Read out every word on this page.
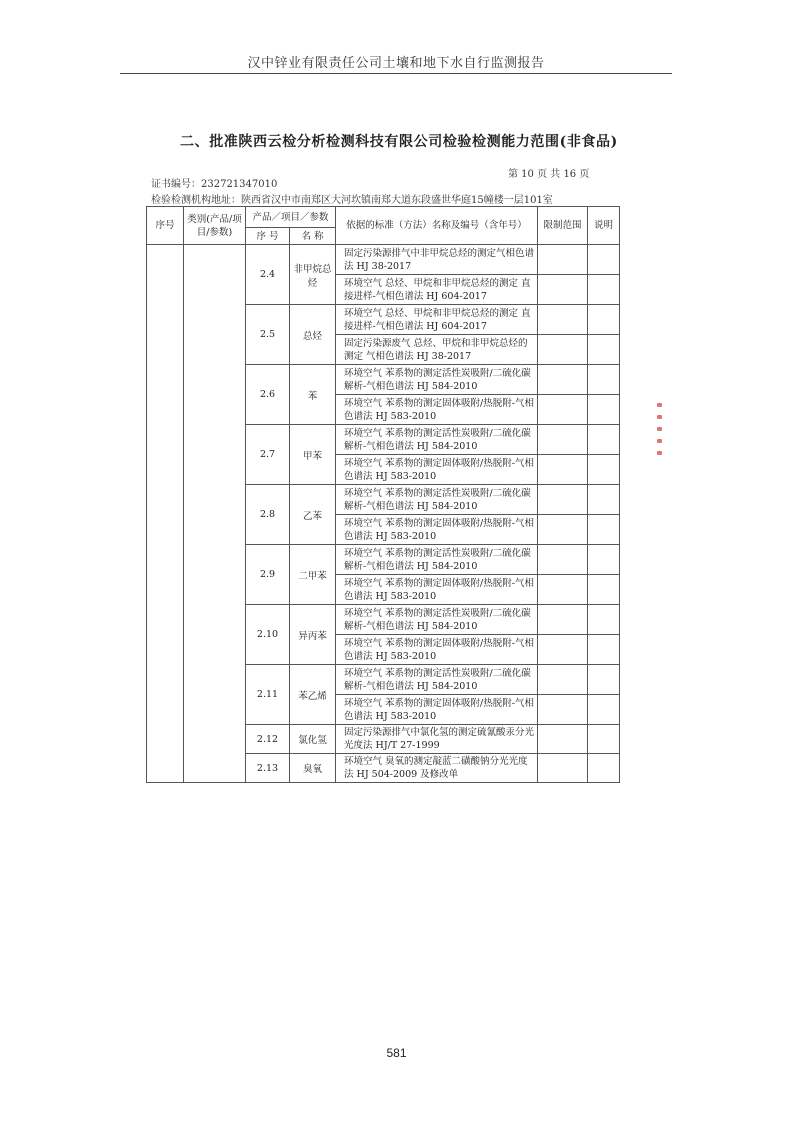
汉中锌业有限责任公司土壤和地下水自行监测报告
二、批准陕西云检分析检测科技有限公司检验检测能力范围(非食品)
第 10 页 共 16 页
证书编号：232721347010
检验检测机构地址：陕西省汉中市南郑区大河坎镇南郑大道东段盛世华庭15幢楼一层101室
序号	类别(产品/项目/参数)	产品／项目／参数		依据的标准（方法）名称及编号（含年号）	限制范围	说明
		序 号	名 称			
		2.4	非甲烷总烃	固定污染源排气中非甲烷总烃的测定气相色谱法 HJ 38-2017		
				环境空气 总烃、甲烷和非甲烷总烃的测定 直接进样-气相色谱法 HJ 604-2017		
		2.5	总烃	环境空气 总烃、甲烷和非甲烷总烃的测定 直接进样-气相色谱法 HJ 604-2017		
				固定污染源废气 总烃、甲烷和非甲烷总烃的测定 气相色谱法 HJ 38-2017		
		2.6	苯	环境空气 苯系物的测定活性炭吸附/二硫化碳解析-气相色谱法 HJ 584-2010		
				环境空气 苯系物的测定固体吸附/热脱附-气相色谱法 HJ 583-2010		
		2.7	甲苯	环境空气 苯系物的测定活性炭吸附/二硫化碳解析-气相色谱法 HJ 584-2010		
				环境空气 苯系物的测定固体吸附/热脱附-气相色谱法 HJ 583-2010		
		2.8	乙苯	环境空气 苯系物的测定活性炭吸附/二硫化碳解析-气相色谱法 HJ 584-2010		
				环境空气 苯系物的测定固体吸附/热脱附-气相色谱法 HJ 583-2010		
		2.9	二甲苯	环境空气 苯系物的测定活性炭吸附/二硫化碳解析-气相色谱法 HJ 584-2010		
				环境空气 苯系物的测定固体吸附/热脱附-气相色谱法 HJ 583-2010		
		2.10	异丙苯	环境空气 苯系物的测定活性炭吸附/二硫化碳解析-气相色谱法 HJ 584-2010		
				环境空气 苯系物的测定固体吸附/热脱附-气相色谱法 HJ 583-2010		
		2.11	苯乙烯	环境空气 苯系物的测定活性炭吸附/二硫化碳解析-气相色谱法 HJ 584-2010		
				环境空气 苯系物的测定固体吸附/热脱附-气相色谱法 HJ 583-2010		
		2.12	氯化氢	固定污染源排气中氯化氢的测定硫氰酸汞分光光度法 HJ/T 27-1999		
		2.13	臭氧	环境空气 臭氧的测定靛蓝二磺酸钠分光光度法 HJ 504-2009 及修改单		
581
